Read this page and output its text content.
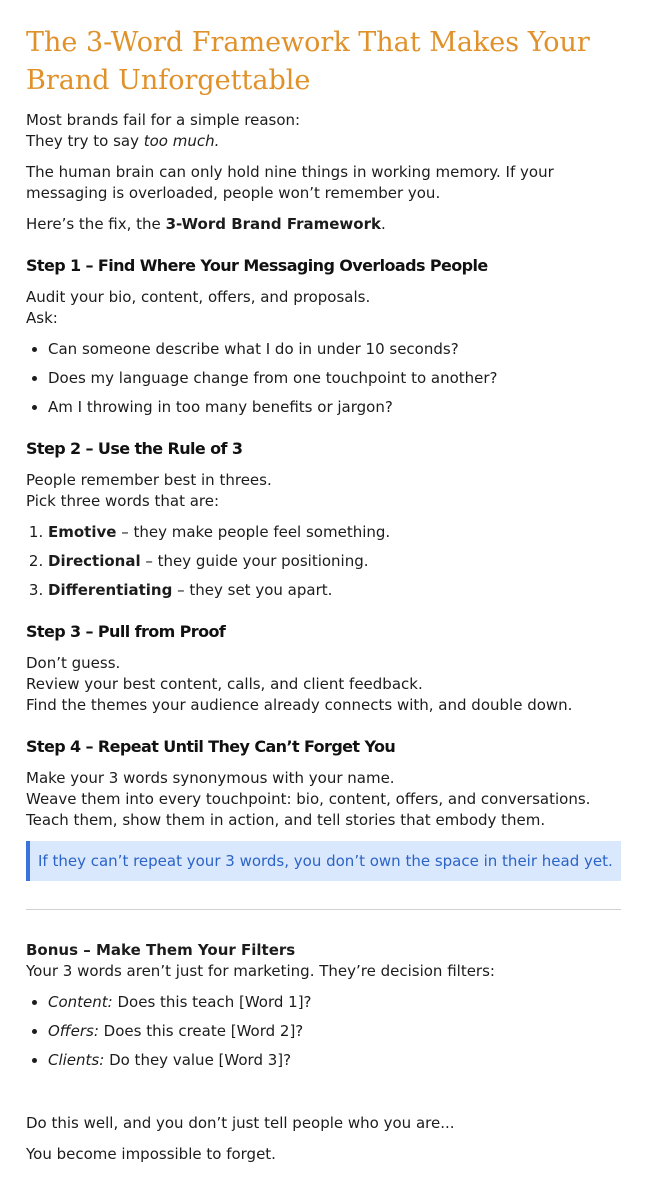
The 3-Word Framework That Makes Your Brand Unforgettable

Most brands fail for a simple reason:
They try to say too much.

The human brain can only hold nine things in working memory. If your messaging is overloaded, people won’t remember you.

Here’s the fix, the 3-Word Brand Framework.

Step 1 – Find Where Your Messaging Overloads People

Audit your bio, content, offers, and proposals.
Ask:

• Can someone describe what I do in under 10 seconds?
• Does my language change from one touchpoint to another?
• Am I throwing in too many benefits or jargon?
Step 2 – Use the Rule of 3

People remember best in threes.
Pick three words that are:

1. Emotive – they make people feel something.
2. Directional – they guide your positioning.
3. Differentiating – they set you apart.
Step 3 – Pull from Proof

Don’t guess.
Review your best content, calls, and client feedback.
Find the themes your audience already connects with, and double down.

Step 4 – Repeat Until They Can’t Forget You

Make your 3 words synonymous with your name.
Weave them into every touchpoint: bio, content, offers, and conversations.
Teach them, show them in action, and tell stories that embody them.

If they can’t repeat your 3 words, you don’t own the space in their head yet.

Bonus – Make Them Your Filters
Your 3 words aren’t just for marketing. They’re decision filters:

• Content: Does this teach [Word 1]?
• Offers: Does this create [Word 2]?
• Clients: Do they value [Word 3]?

Do this well, and you don’t just tell people who you are...

You become impossible to forget.
